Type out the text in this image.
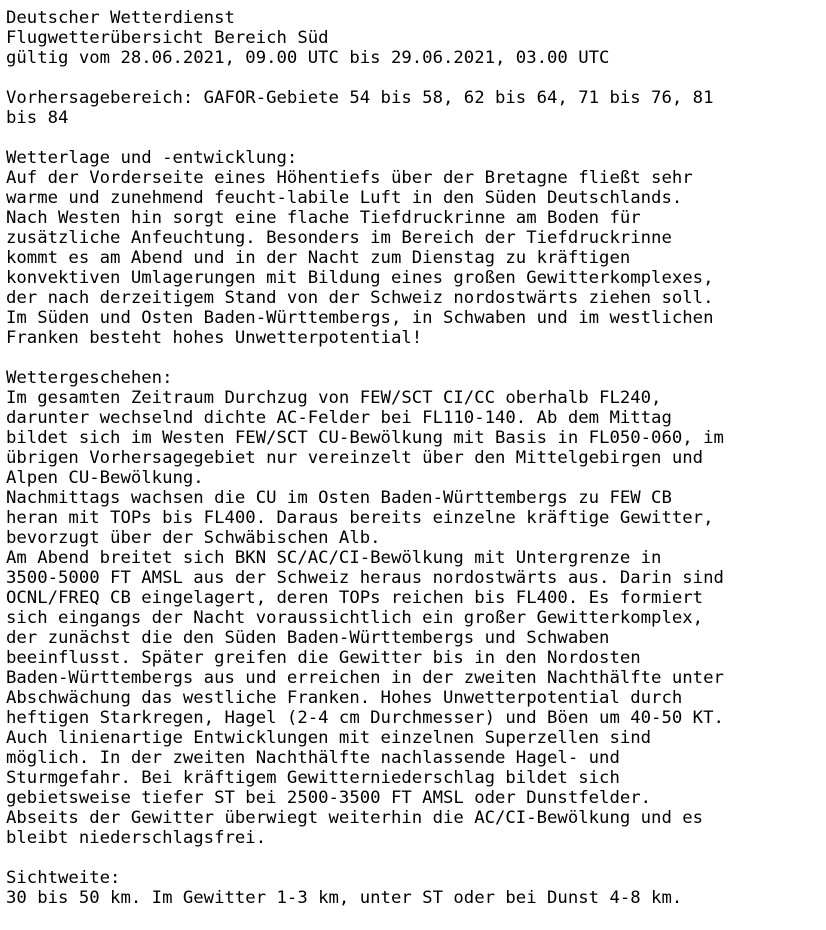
Deutscher Wetterdienst
Flugwetterübersicht Bereich Süd
gültig vom 28.06.2021, 09.00 UTC bis 29.06.2021, 03.00 UTC
Vorhersagebereich: GAFOR-Gebiete 54 bis 58, 62 bis 64, 71 bis 76, 81
bis 84
Wetterlage und -entwicklung:
Auf der Vorderseite eines Höhentiefs über der Bretagne fließt sehr
warme und zunehmend feucht-labile Luft in den Süden Deutschlands.
Nach Westen hin sorgt eine flache Tiefdruckrinne am Boden für
zusätzliche Anfeuchtung. Besonders im Bereich der Tiefdruckrinne
kommt es am Abend und in der Nacht zum Dienstag zu kräftigen
konvektiven Umlagerungen mit Bildung eines großen Gewitterkomplexes,
der nach derzeitigem Stand von der Schweiz nordostwärts ziehen soll.
Im Süden und Osten Baden-Württembergs, in Schwaben und im westlichen
Franken besteht hohes Unwetterpotential!
Wettergeschehen:
Im gesamten Zeitraum Durchzug von FEW/SCT CI/CC oberhalb FL240,
darunter wechselnd dichte AC-Felder bei FL110-140. Ab dem Mittag
bildet sich im Westen FEW/SCT CU-Bewölkung mit Basis in FL050-060, im
übrigen Vorhersagegebiet nur vereinzelt über den Mittelgebirgen und
Alpen CU-Bewölkung.
Nachmittags wachsen die CU im Osten Baden-Württembergs zu FEW CB
heran mit TOPs bis FL400. Daraus bereits einzelne kräftige Gewitter,
bevorzugt über der Schwäbischen Alb.
Am Abend breitet sich BKN SC/AC/CI-Bewölkung mit Untergrenze in
3500-5000 FT AMSL aus der Schweiz heraus nordostwärts aus. Darin sind
OCNL/FREQ CB eingelagert, deren TOPs reichen bis FL400. Es formiert
sich eingangs der Nacht voraussichtlich ein großer Gewitterkomplex,
der zunächst die den Süden Baden-Württembergs und Schwaben
beeinflusst. Später greifen die Gewitter bis in den Nordosten
Baden-Württembergs aus und erreichen in der zweiten Nachthälfte unter
Abschwächung das westliche Franken. Hohes Unwetterpotential durch
heftigen Starkregen, Hagel (2-4 cm Durchmesser) und Böen um 40-50 KT.
Auch linienartige Entwicklungen mit einzelnen Superzellen sind
möglich. In der zweiten Nachthälfte nachlassende Hagel- und
Sturmgefahr. Bei kräftigem Gewitterniederschlag bildet sich
gebietsweise tiefer ST bei 2500-3500 FT AMSL oder Dunstfelder.
Abseits der Gewitter überwiegt weiterhin die AC/CI-Bewölkung und es
bleibt niederschlagsfrei.
Sichtweite:
30 bis 50 km. Im Gewitter 1-3 km, unter ST oder bei Dunst 4-8 km.
